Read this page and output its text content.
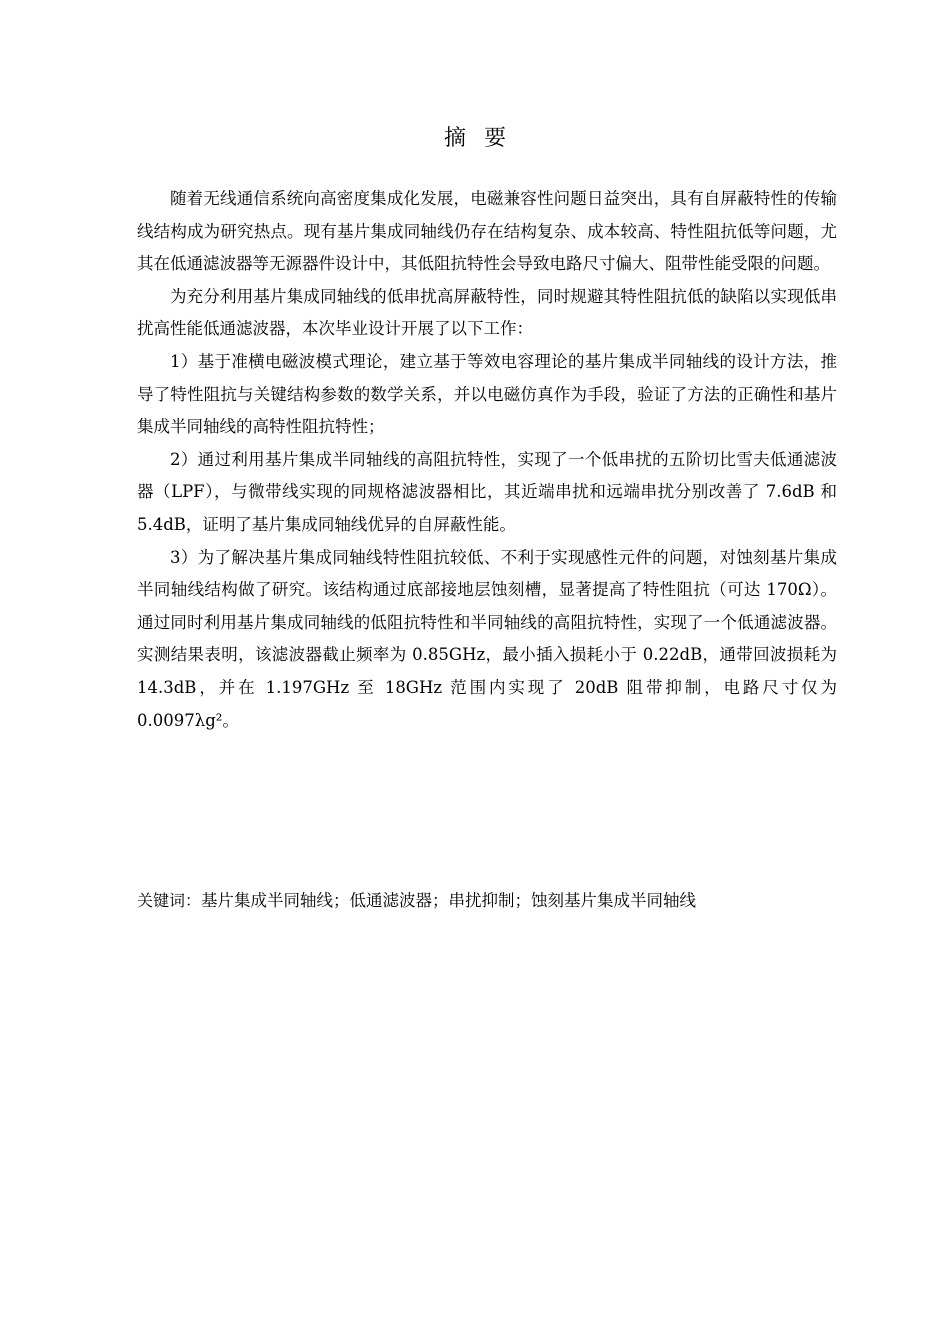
摘要

随着无线通信系统向高密度集成化发展，电磁兼容性问题日益突出，具有自屏蔽特性的传输线结构成为研究热点。现有基片集成同轴线仍存在结构复杂、成本较高、特性阻抗低等问题，尤其在低通滤波器等无源器件设计中，其低阻抗特性会导致电路尺寸偏大、阻带性能受限的问题。

为充分利用基片集成同轴线的低串扰高屏蔽特性，同时规避其特性阻抗低的缺陷以实现低串扰高性能低通滤波器，本次毕业设计开展了以下工作：

1）基于准横电磁波模式理论，建立基于等效电容理论的基片集成半同轴线的设计方法，推导了特性阻抗与关键结构参数的数学关系，并以电磁仿真作为手段，验证了方法的正确性和基片集成半同轴线的高特性阻抗特性；

2）通过利用基片集成半同轴线的高阻抗特性，实现了一个低串扰的五阶切比雪夫低通滤波器（LPF），与微带线实现的同规格滤波器相比，其近端串扰和远端串扰分别改善了 7.6dB 和 5.4dB，证明了基片集成同轴线优异的自屏蔽性能。

3）为了解决基片集成同轴线特性阻抗较低、不利于实现感性元件的问题，对蚀刻基片集成半同轴线结构做了研究。该结构通过底部接地层蚀刻槽，显著提高了特性阻抗（可达 170Ω）。通过同时利用基片集成同轴线的低阻抗特性和半同轴线的高阻抗特性，实现了一个低通滤波器。实测结果表明，该滤波器截止频率为 0.85GHz，最小插入损耗小于 0.22dB，通带回波损耗为 14.3dB，并在 1.197GHz 至 18GHz 范围内实现了 20dB 阻带抑制，电路尺寸仅为 0.0097λg²。

关键词：基片集成半同轴线；低通滤波器；串扰抑制；蚀刻基片集成半同轴线
